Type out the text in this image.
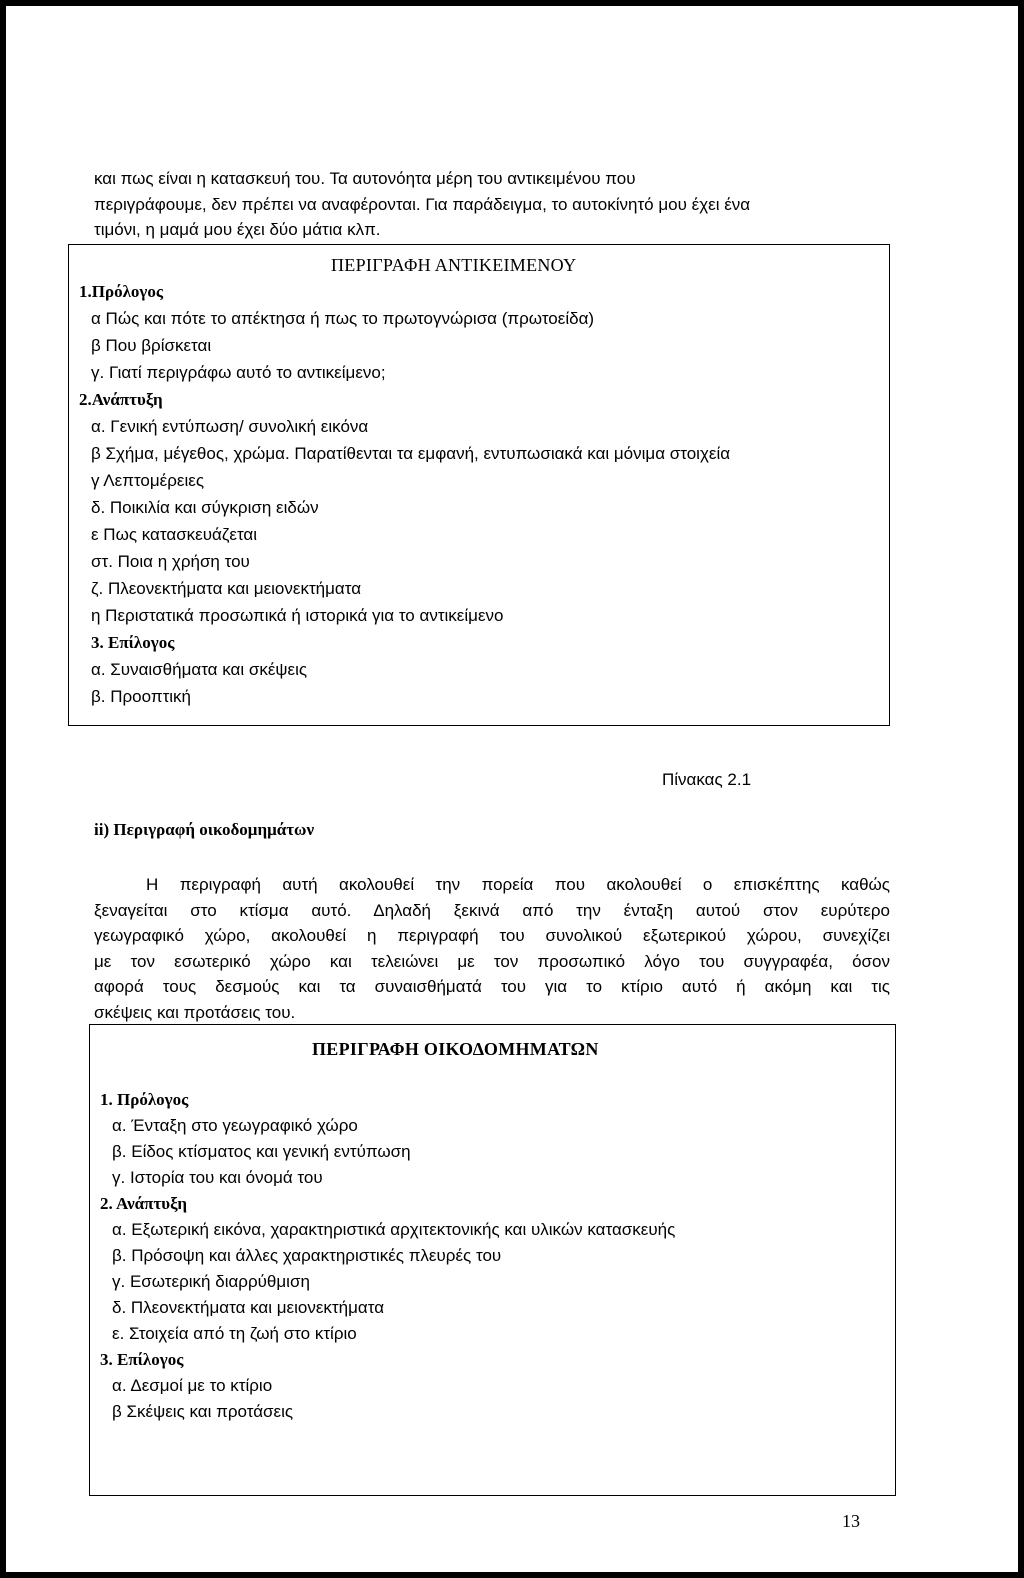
και πως είναι η κατασκευή του. Τα αυτονόητα μέρη του αντικειμένου που

περιγράφουμε, δεν πρέπει να αναφέρονται. Για παράδειγμα, το αυτοκίνητό μου έχει ένα

τιμόνι, η μαμά μου έχει δύο μάτια κλπ.

ΠΕΡΙΓΡΑΦΗ ΑΝΤΙΚΕΙΜΕΝΟΥ
1.Πρόλογος
α Πώς και πότε το απέκτησα ή πως το πρωτογνώρισα (πρωτοείδα)
β Που βρίσκεται
γ. Γιατί περιγράφω αυτό το αντικείμενο;
2.Ανάπτυξη
α. Γενική εντύπωση/ συνολική εικόνα
β Σχήμα, μέγεθος, χρώμα. Παρατίθενται τα εμφανή, εντυπωσιακά και μόνιμα στοιχεία
γ Λεπτομέρειες
δ. Ποικιλία και σύγκριση ειδών
ε Πως κατασκευάζεται
στ. Ποια η χρήση του
ζ. Πλεονεκτήματα και μειονεκτήματα
η Περιστατικά προσωπικά ή ιστορικά για το αντικείμενο
3. Επίλογος
α. Συναισθήματα και σκέψεις
β. Προοπτική
Πίνακας 2.1
ii) Περιγραφή οικοδομημάτων

Η περιγραφή αυτή ακολουθεί την πορεία που ακολουθεί ο επισκέπτης καθώς

ξεναγείται στο κτίσμα αυτό. Δηλαδή ξεκινά από την ένταξη αυτού στον ευρύτερο

γεωγραφικό χώρο, ακολουθεί η περιγραφή του συνολικού εξωτερικού χώρου, συνεχίζει

με τον εσωτερικό χώρο και τελειώνει με τον προσωπικό λόγο του συγγραφέα, όσον

αφορά τους δεσμούς και τα συναισθήματά του για το κτίριο αυτό ή ακόμη και τις

σκέψεις και προτάσεις του.

ΠΕΡΙΓΡΑΦΗ ΟΙΚΟΔΟΜΗΜΑΤΩΝ
1. Πρόλογος
α. Ένταξη στο γεωγραφικό χώρο
β. Είδος κτίσματος και γενική εντύπωση
γ. Ιστορία του και όνομά του
2. Ανάπτυξη
α. Εξωτερική εικόνα, χαρακτηριστικά αρχιτεκτονικής και υλικών κατασκευής
β. Πρόσοψη και άλλες χαρακτηριστικές πλευρές του
γ. Εσωτερική διαρρύθμιση
δ. Πλεονεκτήματα και μειονεκτήματα
ε. Στοιχεία από τη ζωή στο κτίριο
3. Επίλογος
α. Δεσμοί με το κτίριο
β Σκέψεις και προτάσεις
13
